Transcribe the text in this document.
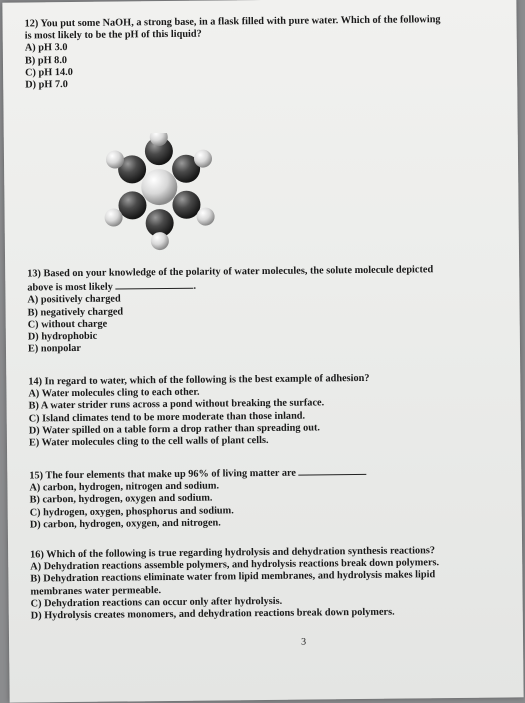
​
12) You put some NaOH, a strong base, in a flask filled with pure water. Which of the following
is most likely to be the pH of this liquid?
A) pH 3.0
B) pH 8.0
C) pH 14.0
D) pH 7.0
13) Based on your knowledge of the polarity of water molecules, the solute molecule depicted
above is most likely	.
A) positively charged
B) negatively charged
C) without charge
D) hydrophobic
E) nonpolar
14) In regard to water, which of the following is the best example of adhesion?
A) Water molecules cling to each other.
B) A water strider runs across a pond without breaking the surface.
C) Island climates tend to be more moderate than those inland.
D) Water spilled on a table form a drop rather than spreading out.
E) Water molecules cling to the cell walls of plant cells.
15) The four elements that make up 96% of living matter are
A) carbon, hydrogen, nitrogen and sodium.
B) carbon, hydrogen, oxygen and sodium.
C) hydrogen, oxygen, phosphorus and sodium.
D) carbon, hydrogen, oxygen, and nitrogen.
16) Which of the following is true regarding hydrolysis and dehydration synthesis reactions?
A) Dehydration reactions assemble polymers, and hydrolysis reactions break down polymers.
B) Dehydration reactions eliminate water from lipid membranes, and hydrolysis makes lipid
membranes water permeable.
C) Dehydration reactions can occur only after hydrolysis.
D) Hydrolysis creates monomers, and dehydration reactions break down polymers.
3
